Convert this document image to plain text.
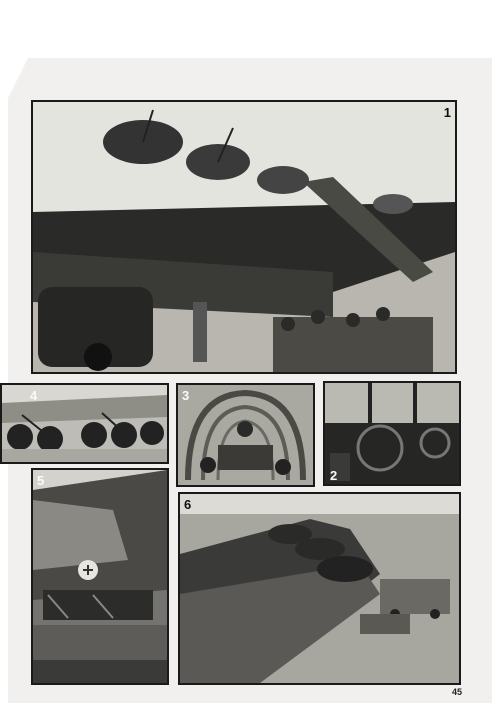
1
4	3
2
5
6
45
